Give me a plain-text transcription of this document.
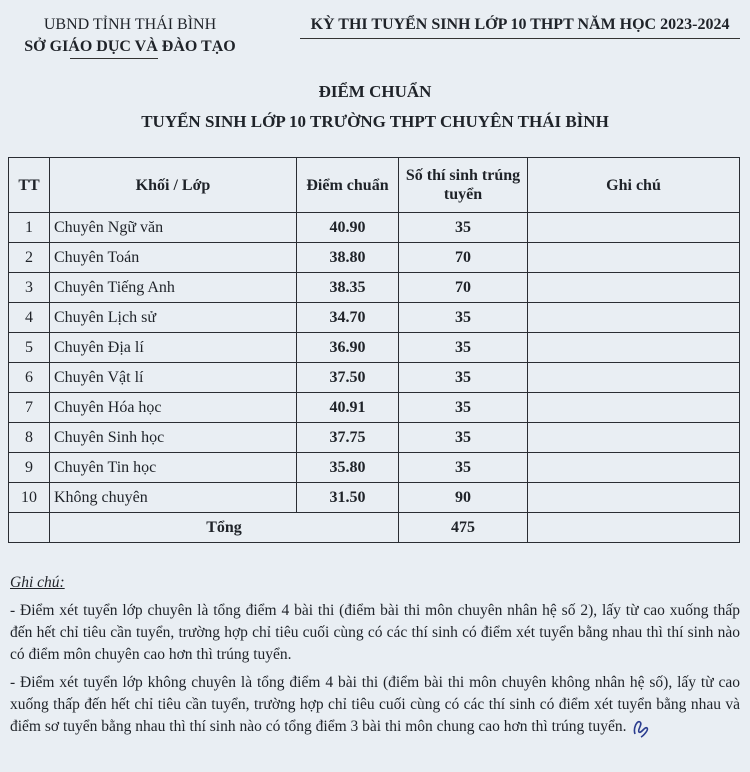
UBND TỈNH THÁI BÌNH
SỞ GIÁO DỤC VÀ ĐÀO TẠO
KỲ THI TUYỂN SINH LỚP 10 THPT NĂM HỌC 2023-2024
ĐIỂM CHUẨN
TUYỂN SINH LỚP 10 TRƯỜNG THPT CHUYÊN THÁI BÌNH
TT	Khối / Lớp	Điểm chuẩn	Số thí sinh trúng tuyển	Ghi chú
1	Chuyên Ngữ văn	40.90	35	
2	Chuyên Toán	38.80	70	
3	Chuyên Tiếng Anh	38.35	70	
4	Chuyên Lịch sử	34.70	35	
5	Chuyên Địa lí	36.90	35	
6	Chuyên Vật lí	37.50	35	
7	Chuyên Hóa học	40.91	35	
8	Chuyên Sinh học	37.75	35	
9	Chuyên Tin học	35.80	35	
10	Không chuyên	31.50	90	
	Tổng		475	
Ghi chú:

- Điểm xét tuyển lớp chuyên là tổng điểm 4 bài thi (điểm bài thi môn chuyên nhân hệ số 2), lấy từ cao xuống thấp đến hết chỉ tiêu cần tuyển, trường hợp chỉ tiêu cuối cùng có các thí sinh có điểm xét tuyển bằng nhau thì thí sinh nào có điểm môn chuyên cao hơn thì trúng tuyển.

- Điểm xét tuyển lớp không chuyên là tổng điểm 4 bài thi (điểm bài thi môn chuyên không nhân hệ số), lấy từ cao xuống thấp đến hết chỉ tiêu cần tuyển, trường hợp chỉ tiêu cuối cùng có các thí sinh có điểm xét tuyển bằng nhau và điểm sơ tuyển bằng nhau thì thí sinh nào có tổng điểm 3 bài thi môn chung cao hơn thì trúng tuyển.
